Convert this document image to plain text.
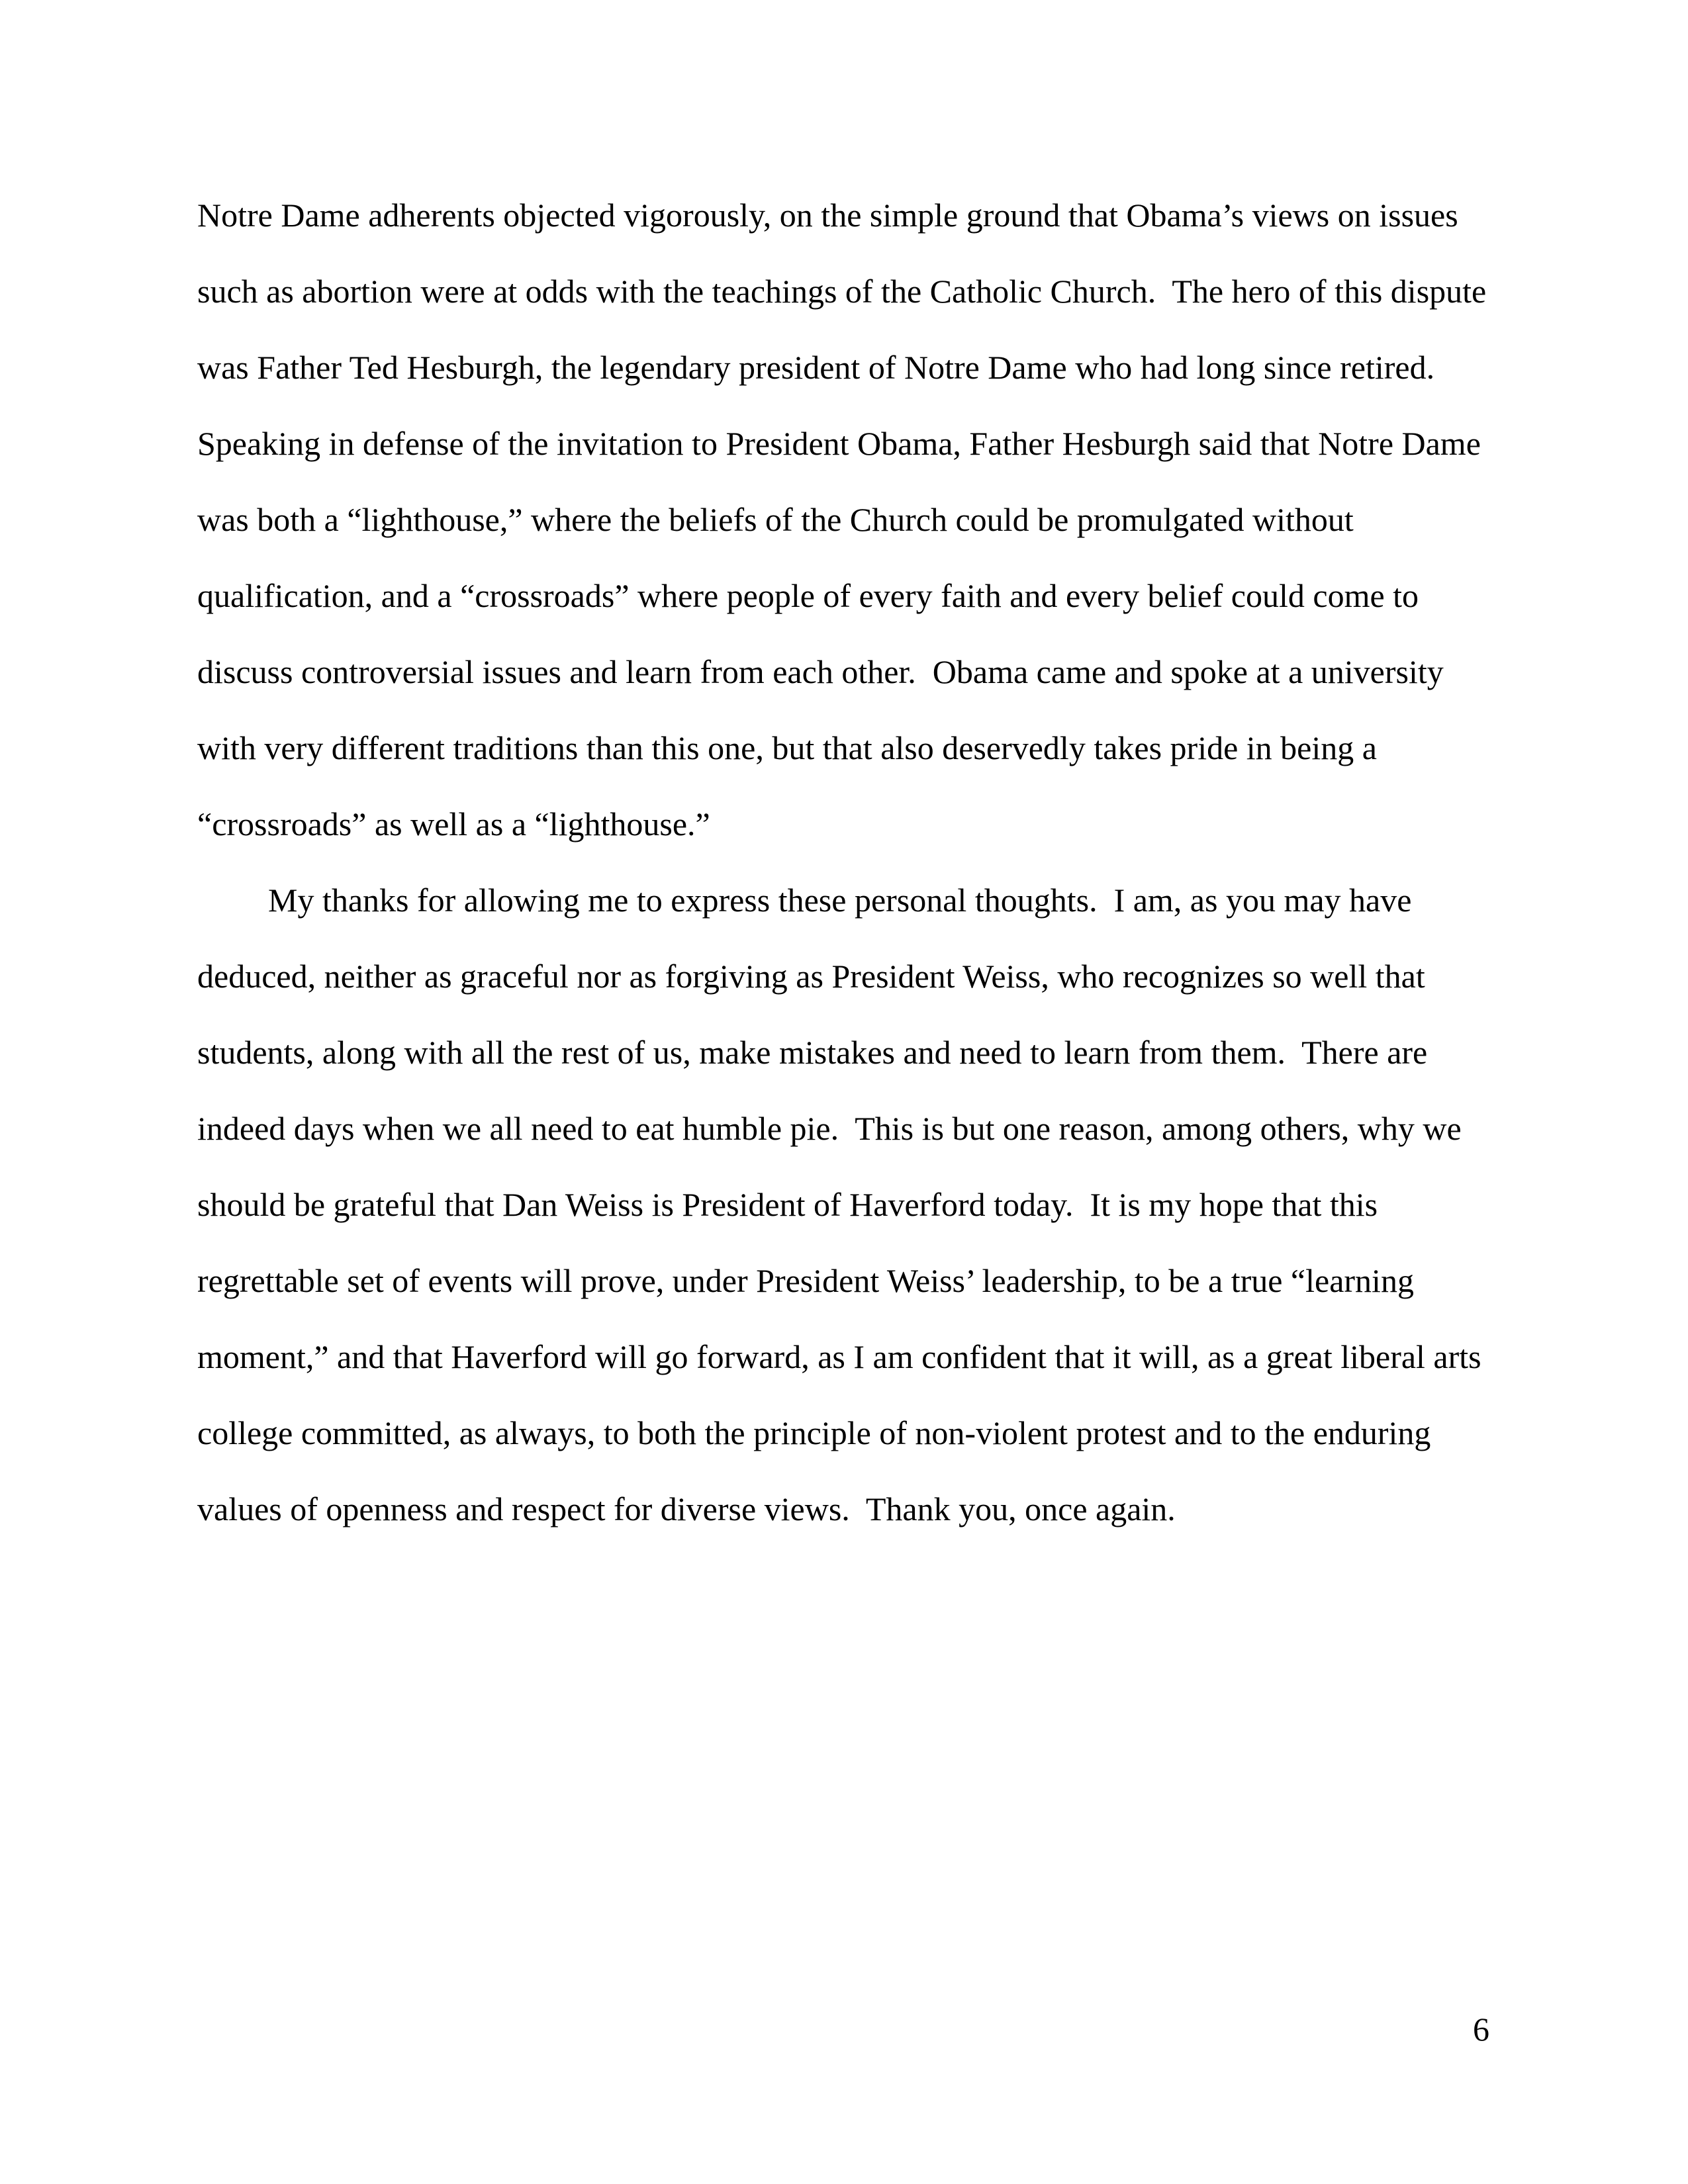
Notre Dame adherents objected vigorously, on the simple ground that Obama’s views on issues
such as abortion were at odds with the teachings of the Catholic Church.  The hero of this dispute
was Father Ted Hesburgh, the legendary president of Notre Dame who had long since retired.
Speaking in defense of the invitation to President Obama, Father Hesburgh said that Notre Dame
was both a “lighthouse,” where the beliefs of the Church could be promulgated without
qualification, and a “crossroads” where people of every faith and every belief could come to
discuss controversial issues and learn from each other.  Obama came and spoke at a university
with very different traditions than this one, but that also deservedly takes pride in being a
“crossroads” as well as a “lighthouse.”
My thanks for allowing me to express these personal thoughts.  I am, as you may have
deduced, neither as graceful nor as forgiving as President Weiss, who recognizes so well that
students, along with all the rest of us, make mistakes and need to learn from them.  There are
indeed days when we all need to eat humble pie.  This is but one reason, among others, why we
should be grateful that Dan Weiss is President of Haverford today.  It is my hope that this
regrettable set of events will prove, under President Weiss’ leadership, to be a true “learning
moment,” and that Haverford will go forward, as I am confident that it will, as a great liberal arts
college committed, as always, to both the principle of non-violent protest and to the enduring
values of openness and respect for diverse views.  Thank you, once again.
6
